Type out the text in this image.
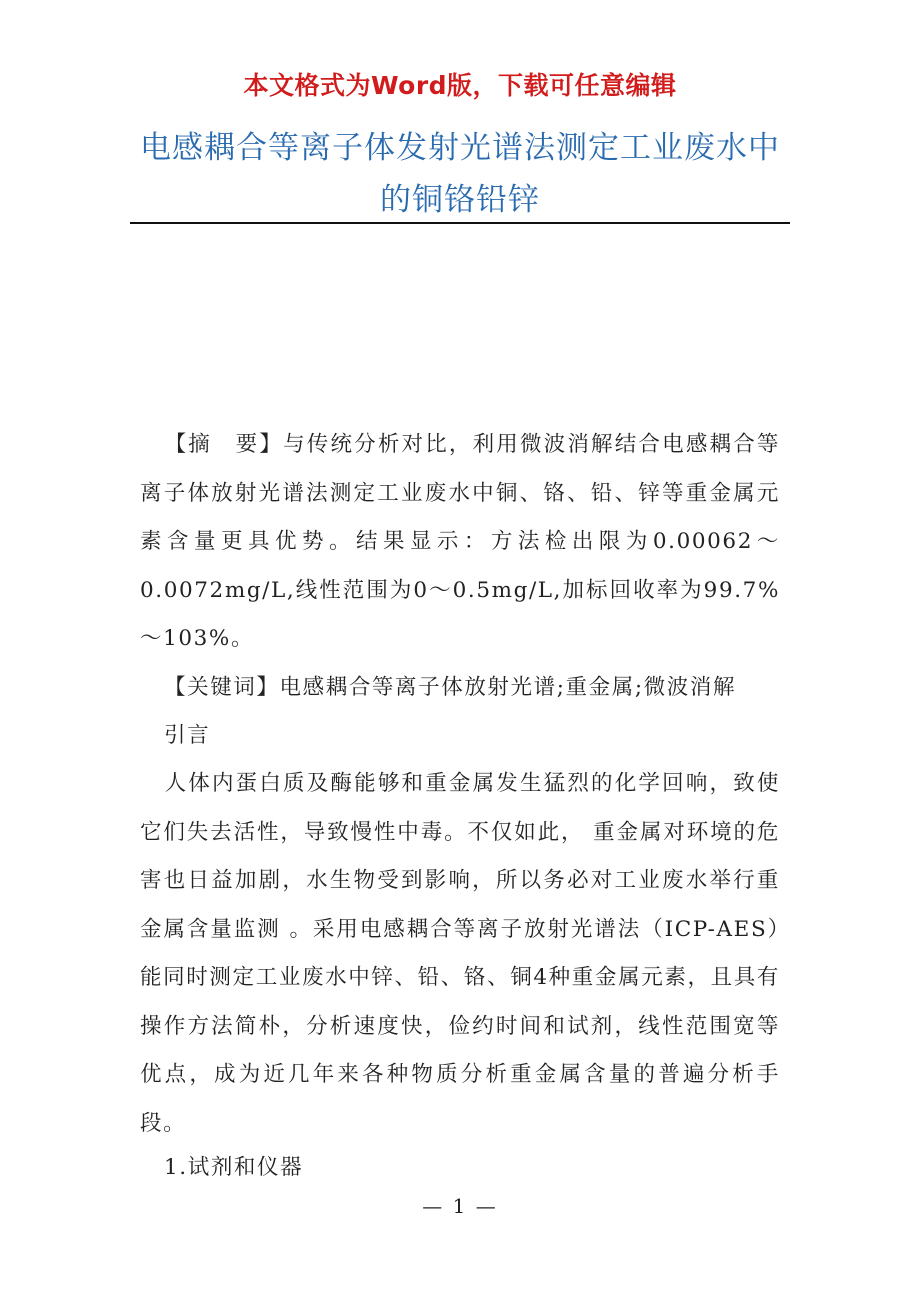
本文格式为Word版，下载可任意编辑
电感耦合等离子体发射光谱法测定工业废水中的铜铬铅锌
【摘　要】与传统分析对比，利用微波消解结合电感耦合等离子体放射光谱法测定工业废水中铜、铬、铅、锌等重金属元素含量更具优势。结果显示：方法检出限为0.00062～0.0072mg/L,线性范围为0～0.5mg/L,加标回收率为99.7%～103%。
【关键词】电感耦合等离子体放射光谱;重金属;微波消解
引言
人体内蛋白质及酶能够和重金属发生猛烈的化学回响，致使它们失去活性，导致慢性中毒。不仅如此， 重金属对环境的危害也日益加剧，水生物受到影响，所以务必对工业废水举行重金属含量监测 。采用电感耦合等离子放射光谱法（ICP-AES）能同时测定工业废水中锌、铅、铬、铜4种重金属元素，且具有操作方法简朴，分析速度快，俭约时间和试剂，线性范围宽等优点，成为近几年来各种物质分析重金属含量的普遍分析手段。
1.试剂和仪器
— 1 —
